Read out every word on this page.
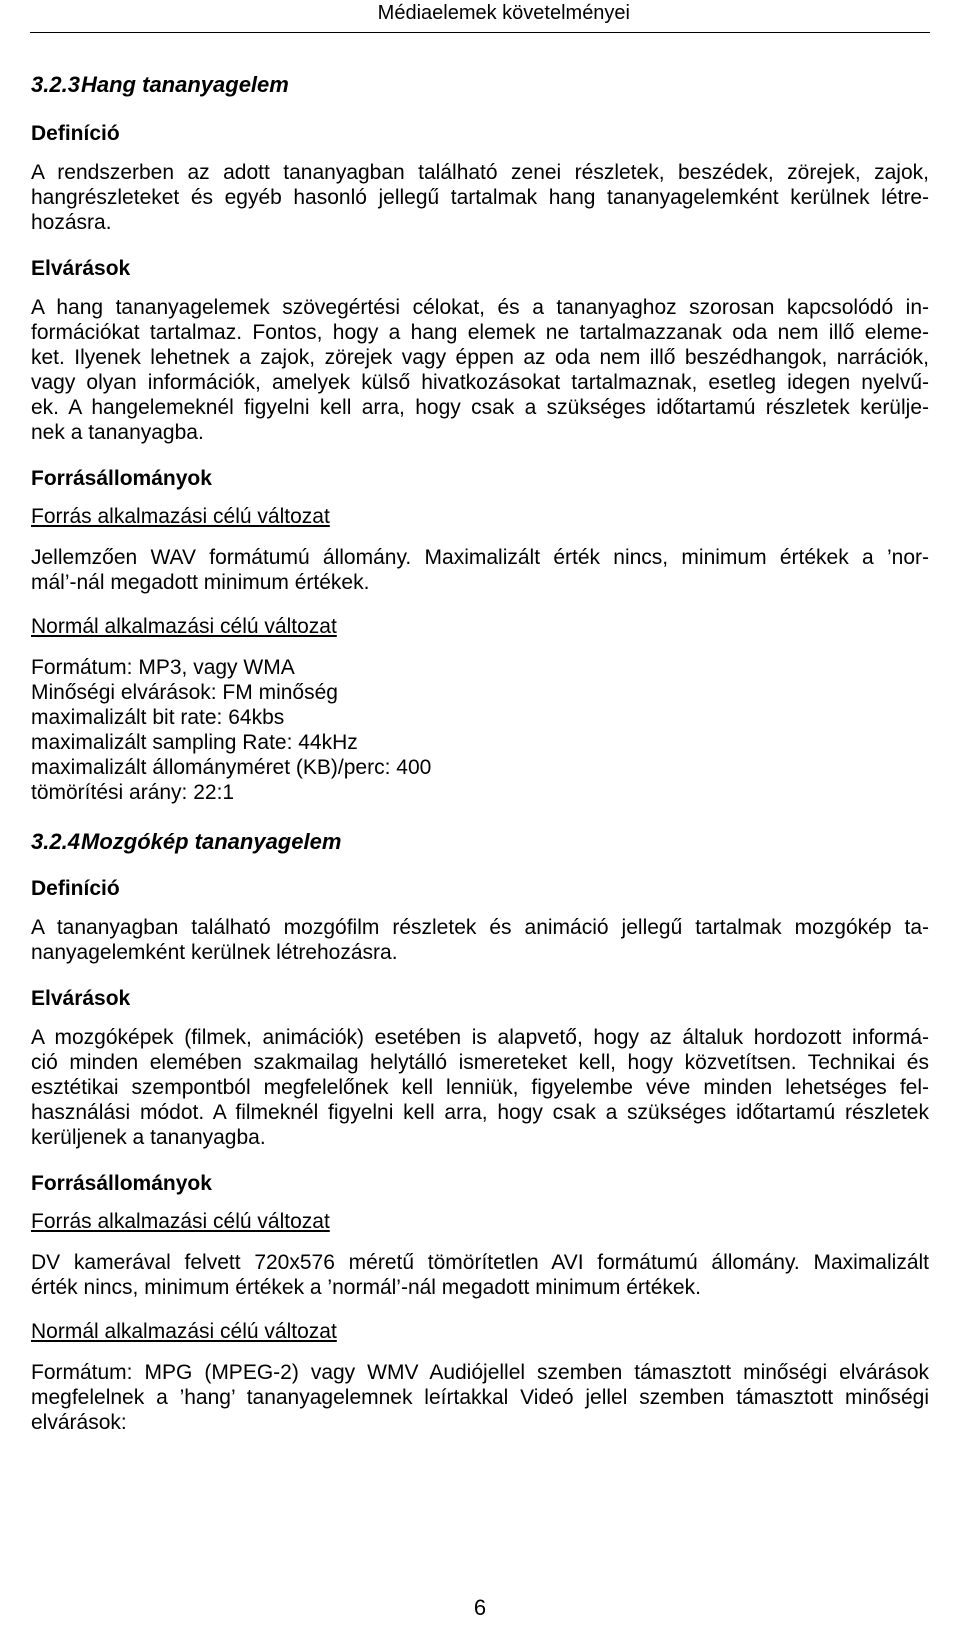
Médiaelemek követelményei
3.2.3Hang tananyagelem
Definíció

A rendszerben az adott tananyagban található zenei részletek, beszédek, zörejek, zajok,
hangrészleteket és egyéb hasonló jellegű tartalmak hang tananyagelemként kerülnek létre-
hozásra.

Elvárások

A hang tananyagelemek szövegértési célokat, és a tananyaghoz szorosan kapcsolódó in-
formációkat tartalmaz. Fontos, hogy a hang elemek ne tartalmazzanak oda nem illő eleme-
ket. Ilyenek lehetnek a zajok, zörejek vagy éppen az oda nem illő beszédhangok, narrációk,
vagy olyan információk, amelyek külső hivatkozásokat tartalmaznak, esetleg idegen nyelvű-
ek. A hangelemeknél figyelni kell arra, hogy csak a szükséges időtartamú részletek kerülje-
nek a tananyagba.

Forrásállományok

Forrás alkalmazási célú változat

Jellemzően WAV formátumú állomány. Maximalizált érték nincs, minimum értékek a ’nor-
mál’-nál megadott minimum értékek.

Normál alkalmazási célú változat

Formátum: MP3, vagy WMA
Minőségi elvárások: FM minőség
maximalizált bit rate: 64kbs
maximalizált sampling Rate: 44kHz
maximalizált állományméret (KB)/perc: 400
tömörítési arány: 22:1
3.2.4Mozgókép tananyagelem
Definíció

A tananyagban található mozgófilm részletek és animáció jellegű tartalmak mozgókép ta-
nanyagelemként kerülnek létrehozásra.

Elvárások

A mozgóképek (filmek, animációk) esetében is alapvető, hogy az általuk hordozott informá-
ció minden elemében szakmailag helytálló ismereteket kell, hogy közvetítsen. Technikai és
esztétikai szempontból megfelelőnek kell lenniük, figyelembe véve minden lehetséges fel-
használási módot. A filmeknél figyelni kell arra, hogy csak a szükséges időtartamú részletek
kerüljenek a tananyagba.

Forrásállományok

Forrás alkalmazási célú változat

DV kamerával felvett 720x576 méretű tömörítetlen AVI formátumú állomány. Maximalizált
érték nincs, minimum értékek a ’normál’-nál megadott minimum értékek.

Normál alkalmazási célú változat

Formátum: MPG (MPEG-2) vagy WMV Audiójellel szemben támasztott minőségi elvárások
megfelelnek a ’hang’ tananyagelemnek leírtakkal Videó jellel szemben támasztott minőségi
elvárások:

6
